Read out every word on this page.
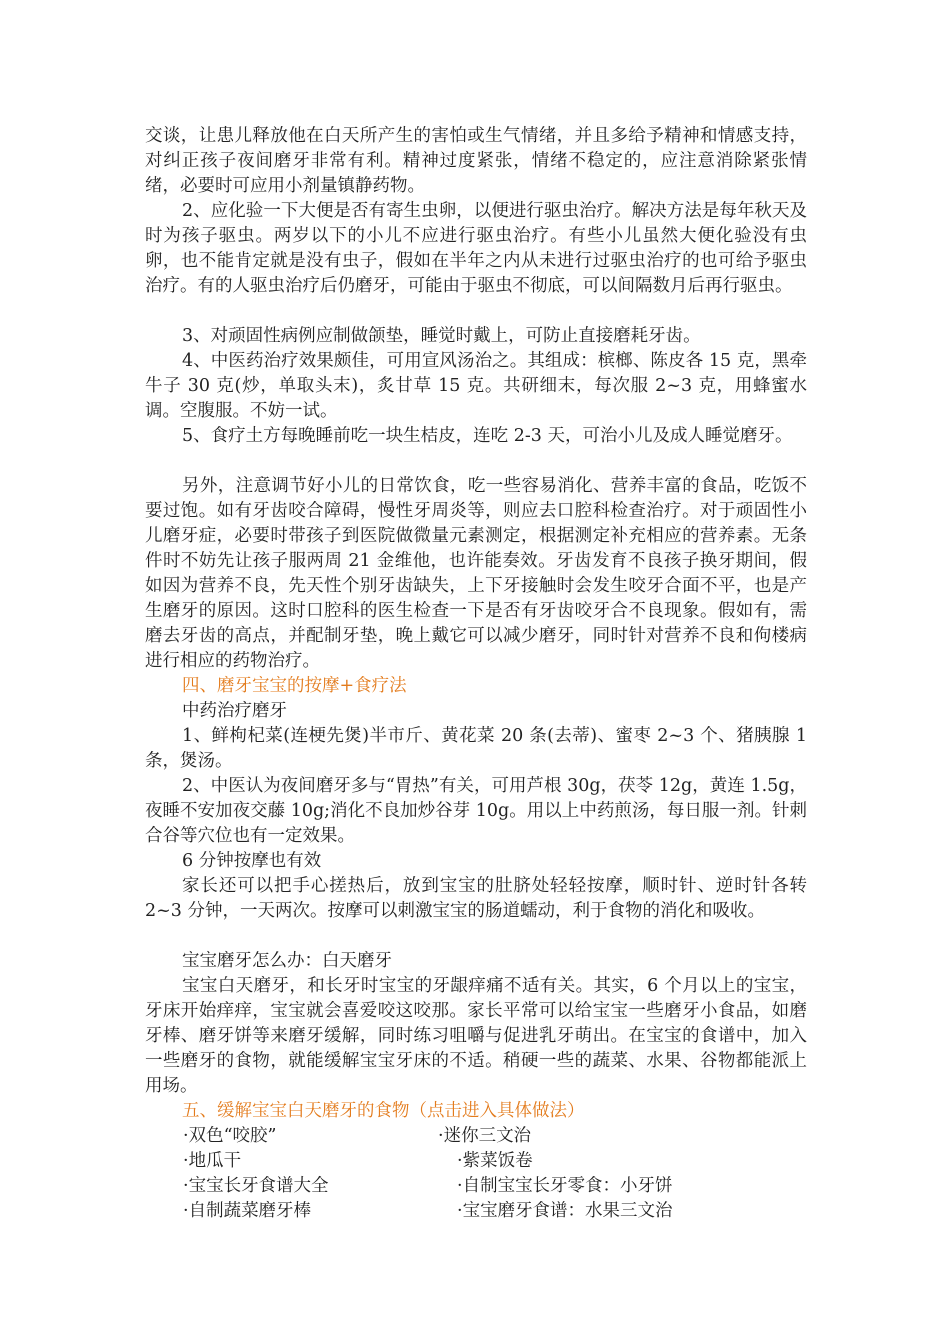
交谈，让患儿释放他在白天所产生的害怕或生气情绪，并且多给予精神和情感支持，对纠正孩子夜间磨牙非常有利。精神过度紧张，情绪不稳定的，应注意消除紧张情绪，必要时可应用小剂量镇静药物。

2、应化验一下大便是否有寄生虫卵，以便进行驱虫治疗。解决方法是每年秋天及时为孩子驱虫。两岁以下的小儿不应进行驱虫治疗。有些小儿虽然大便化验没有虫卵，也不能肯定就是没有虫子，假如在半年之内从未进行过驱虫治疗的也可给予驱虫治疗。有的人驱虫治疗后仍磨牙，可能由于驱虫不彻底，可以间隔数月后再行驱虫。

3、对顽固性病例应制做颌垫，睡觉时戴上，可防止直接磨耗牙齿。

4、中医药治疗效果颇佳，可用宣风汤治之。其组成：槟榔、陈皮各 15 克，黑牵牛子 30 克(炒，单取头末)，炙甘草 15 克。共研细末，每次服 2~3 克，用蜂蜜水调。空腹服。不妨一试。

5、食疗土方每晚睡前吃一块生桔皮，连吃 2-3 天，可治小儿及成人睡觉磨牙。

另外，注意调节好小儿的日常饮食，吃一些容易消化、营养丰富的食品，吃饭不要过饱。如有牙齿咬合障碍，慢性牙周炎等，则应去口腔科检查治疗。对于顽固性小儿磨牙症，必要时带孩子到医院做微量元素测定，根据测定补充相应的营养素。无条件时不妨先让孩子服两周 21 金维他，也许能奏效。牙齿发育不良孩子换牙期间，假如因为营养不良，先天性个别牙齿缺失，上下牙接触时会发生咬牙合面不平，也是产生磨牙的原因。这时口腔科的医生检查一下是否有牙齿咬牙合不良现象。假如有，需磨去牙齿的高点，并配制牙垫，晚上戴它可以减少磨牙，同时针对营养不良和佝楼病进行相应的药物治疗。

四、磨牙宝宝的按摩+食疗法

中药治疗磨牙

1、鲜枸杞菜(连梗先煲)半市斤、黄花菜 20 条(去蒂)、蜜枣 2~3 个、猪胰腺 1 条，煲汤。

2、中医认为夜间磨牙多与“胃热”有关，可用芦根 30g，茯苓 12g，黄连 1.5g，夜睡不安加夜交藤 10g;消化不良加炒谷芽 10g。用以上中药煎汤，每日服一剂。针刺合谷等穴位也有一定效果。

6 分钟按摩也有效

家长还可以把手心搓热后，放到宝宝的肚脐处轻轻按摩，顺时针、逆时针各转 2~3 分钟，一天两次。按摩可以刺激宝宝的肠道蠕动，利于食物的消化和吸收。

宝宝磨牙怎么办：白天磨牙

宝宝白天磨牙，和长牙时宝宝的牙龈痒痛不适有关。其实，6 个月以上的宝宝，牙床开始痒痒，宝宝就会喜爱咬这咬那。家长平常可以给宝宝一些磨牙小食品，如磨牙棒、磨牙饼等来磨牙缓解，同时练习咀嚼与促进乳牙萌出。在宝宝的食谱中，加入一些磨牙的食物，就能缓解宝宝牙床的不适。稍硬一些的蔬菜、水果、谷物都能派上用场。

五、缓解宝宝白天磨牙的食物（点击进入具体做法）

·双色“咬胶”	·迷你三文治
·地瓜干	·紫菜饭卷
·宝宝长牙食谱大全	·自制宝宝长牙零食：小牙饼
·自制蔬菜磨牙棒	·宝宝磨牙食谱：水果三文治
